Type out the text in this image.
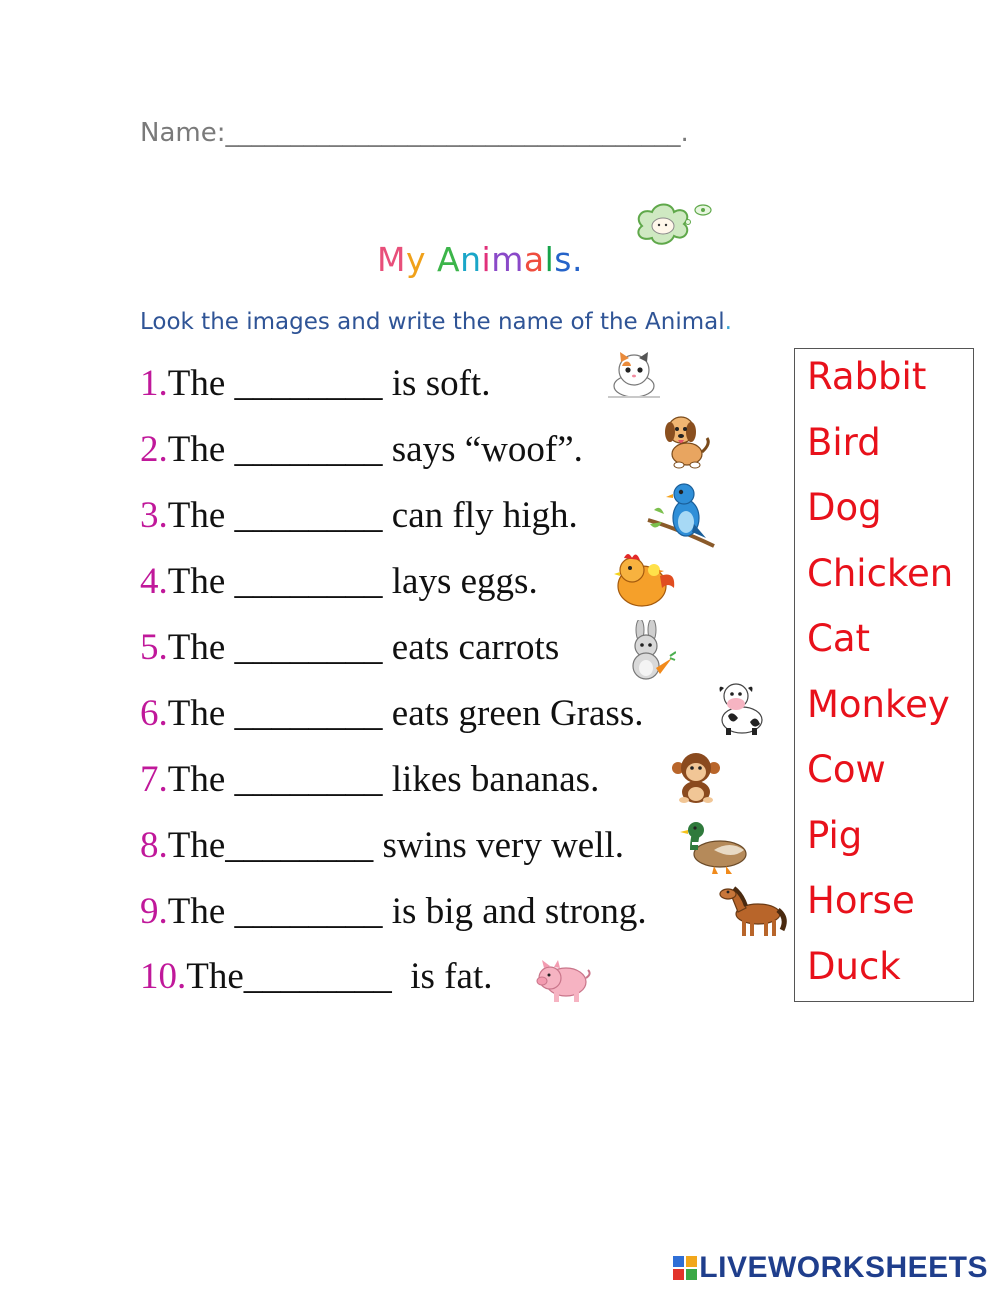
Name:___________________________________.
My Animals.
Look the images and write the name of the Animal.
1.The ________ is soft.
2.The ________ says “woof”.
3.The ________ can fly high.
4.The ________ lays eggs.
5.The ________ eats carrots
6.The ________ eats green Grass.
7.The ________ likes bananas.
8.The________ swins very well.
9.The ________ is big and strong.
10.The________  is fat.
Rabbit
Bird
Dog
Chicken
Cat
Monkey
Cow
Pig
Horse
Duck
LIVEWORKSHEETS
